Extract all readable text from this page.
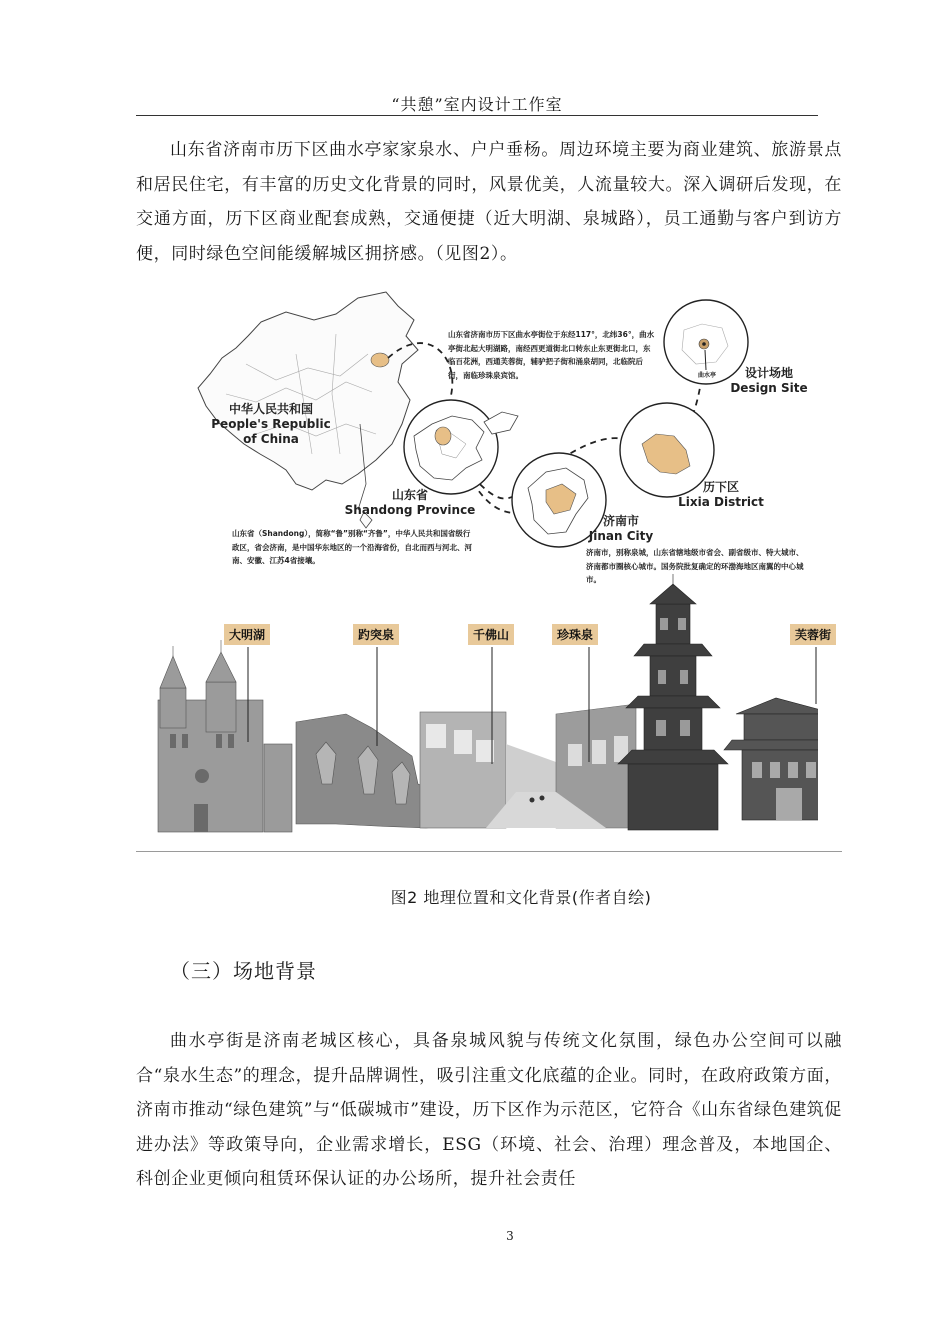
“共憩”室内设计工作室

山东省济南市历下区曲水亭家家泉水、户户垂杨。周边环境主要为商业建筑、旅游景点和居民住宅，有丰富的历史文化背景的同时，风景优美，人流量较大。深入调研后发现，在交通方面，历下区商业配套成熟，交通便捷（近大明湖、泉城路），员工通勤与客户到访方便，同时绿色空间能缓解城区拥挤感。（见图2）。

中华人民共和国
People's Republic
of China
山东省
Shandong Province
济南市
Jinan City
历下区
Lixia District
设计场地
Design Site
曲水亭
山东省济南市历下区曲水亭街位于东经117°，北纬36°，曲水亭街北起大明湖路，南经西更道街北口转东止东更街北口，东临百花洲，西通芙蓉街，辅驴把子街和涌泉胡同，北临院后街，南临珍珠泉宾馆。
山东省（Shandong），简称“鲁”别称“齐鲁”，中华人民共和国省级行政区，省会济南，是中国华东地区的一个沿海省份，自北而西与河北、河南、安徽、江苏4省接壤。
济南市，别称泉城，山东省辖地级市省会、副省级市、特大城市、济南都市圈核心城市。国务院批复确定的环渤海地区南翼的中心城市。
大明湖	趵突泉	千佛山	珍珠泉	芙蓉街
图2 地理位置和文化背景(作者自绘)
（三）场地背景

曲水亭街是济南老城区核心，具备泉城风貌与传统文化氛围，绿色办公空间可以融合“泉水生态”的理念，提升品牌调性，吸引注重文化底蕴的企业。同时，在政府政策方面，济南市推动“绿色建筑”与“低碳城市”建设，历下区作为示范区，它符合《山东省绿色建筑促进办法》等政策导向，企业需求增长，ESG（环境、社会、治理）理念普及，本地国企、科创企业更倾向租赁环保认证的办公场所，提升社会责任

3
